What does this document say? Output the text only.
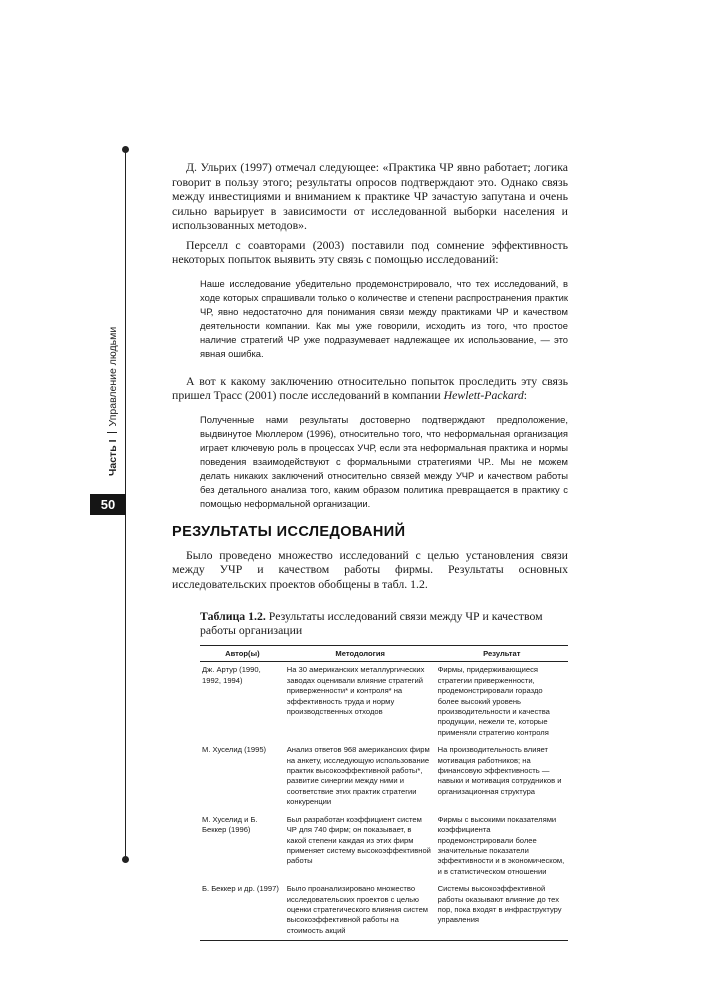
Часть IУправление людьми
50

Д. Ульрих (1997) отмечал следующее: «Практика ЧР явно работает; логика говорит в пользу этого; результаты опросов подтверждают это. Однако связь между инвестициями и вниманием к практике ЧР зачастую запутана и очень сильно варьирует в зависимости от исследованной выборки населения и использованных методов».

Перселл с соавторами (2003) поставили под сомнение эффективность некоторых попыток выявить эту связь с помощью исследований:

Наше исследование убедительно продемонстрировало, что тех исследований, в ходе которых спрашивали только о количестве и степени распространения практик ЧР, явно недостаточно для понимания связи между практиками ЧР и качеством деятельности компании. Как мы уже говорили, исходить из того, что простое наличие стратегий ЧР уже подразумевает надлежащее их использование, — это явная ошибка.

А вот к какому заключению относительно попыток проследить эту связь пришел Трасс (2001) после исследований в компании Hewlett-Packard:

Полученные нами результаты достоверно подтверждают предположение, выдвинутое Мюллером (1996), относительно того, что неформальная организация играет ключевую роль в процессах УЧР, если эта неформальная практика и нормы поведения взаимодействуют с формальными стратегиями ЧР.. Мы не можем делать никаких заключений относительно связей между УЧР и качеством работы без детального анализа того, каким образом политика превращается в практику с помощью неформальной организации.
РЕЗУЛЬТАТЫ ИССЛЕДОВАНИЙ

Было проведено множество исследований с целью установления связи между УЧР и качеством работы фирмы. Результаты основных исследовательских проектов обобщены в табл. 1.2.

Таблица 1.2. Результаты исследований связи между ЧР и качеством работы организации
Автор(ы)	Методология	Результат
Дж. Артур (1990, 1992, 1994)	На 30 американских металлургических заводах оценивали влияние стратегий приверженности* и контроля* на эффективность труда и норму производственных отходов	Фирмы, придерживающиеся стратегии приверженности, продемонстрировали гораздо более высокий уровень производительности и качества продукции, нежели те, которые применяли стратегию контроля
М. Хуселид (1995)	Анализ ответов 968 американских фирм на анкету, исследующую использование практик высокоэффективной работы*, развитие синергии между ними и соответствие этих практик стратегии конкуренции	На производительность влияет мотивация работников; на финансовую эффективность — навыки и мотивация сотрудников и организационная структура
М. Хуселид и Б. Беккер (1996)	Был разработан коэффициент систем ЧР для 740 фирм; он показывает, в какой степени каждая из этих фирм применяет систему высокоэффективной работы	Фирмы с высокими показателями коэффициента продемонстрировали более значительные показатели эффективности и в экономическом, и в статистическом отношении
Б. Беккер и др. (1997)	Было проанализировано множество исследовательских проектов с целью оценки стратегического влияния систем высокоэффективной работы на стоимость акций	Системы высокоэффективной работы оказывают влияние до тех пор, пока входят в инфраструктуру управления
